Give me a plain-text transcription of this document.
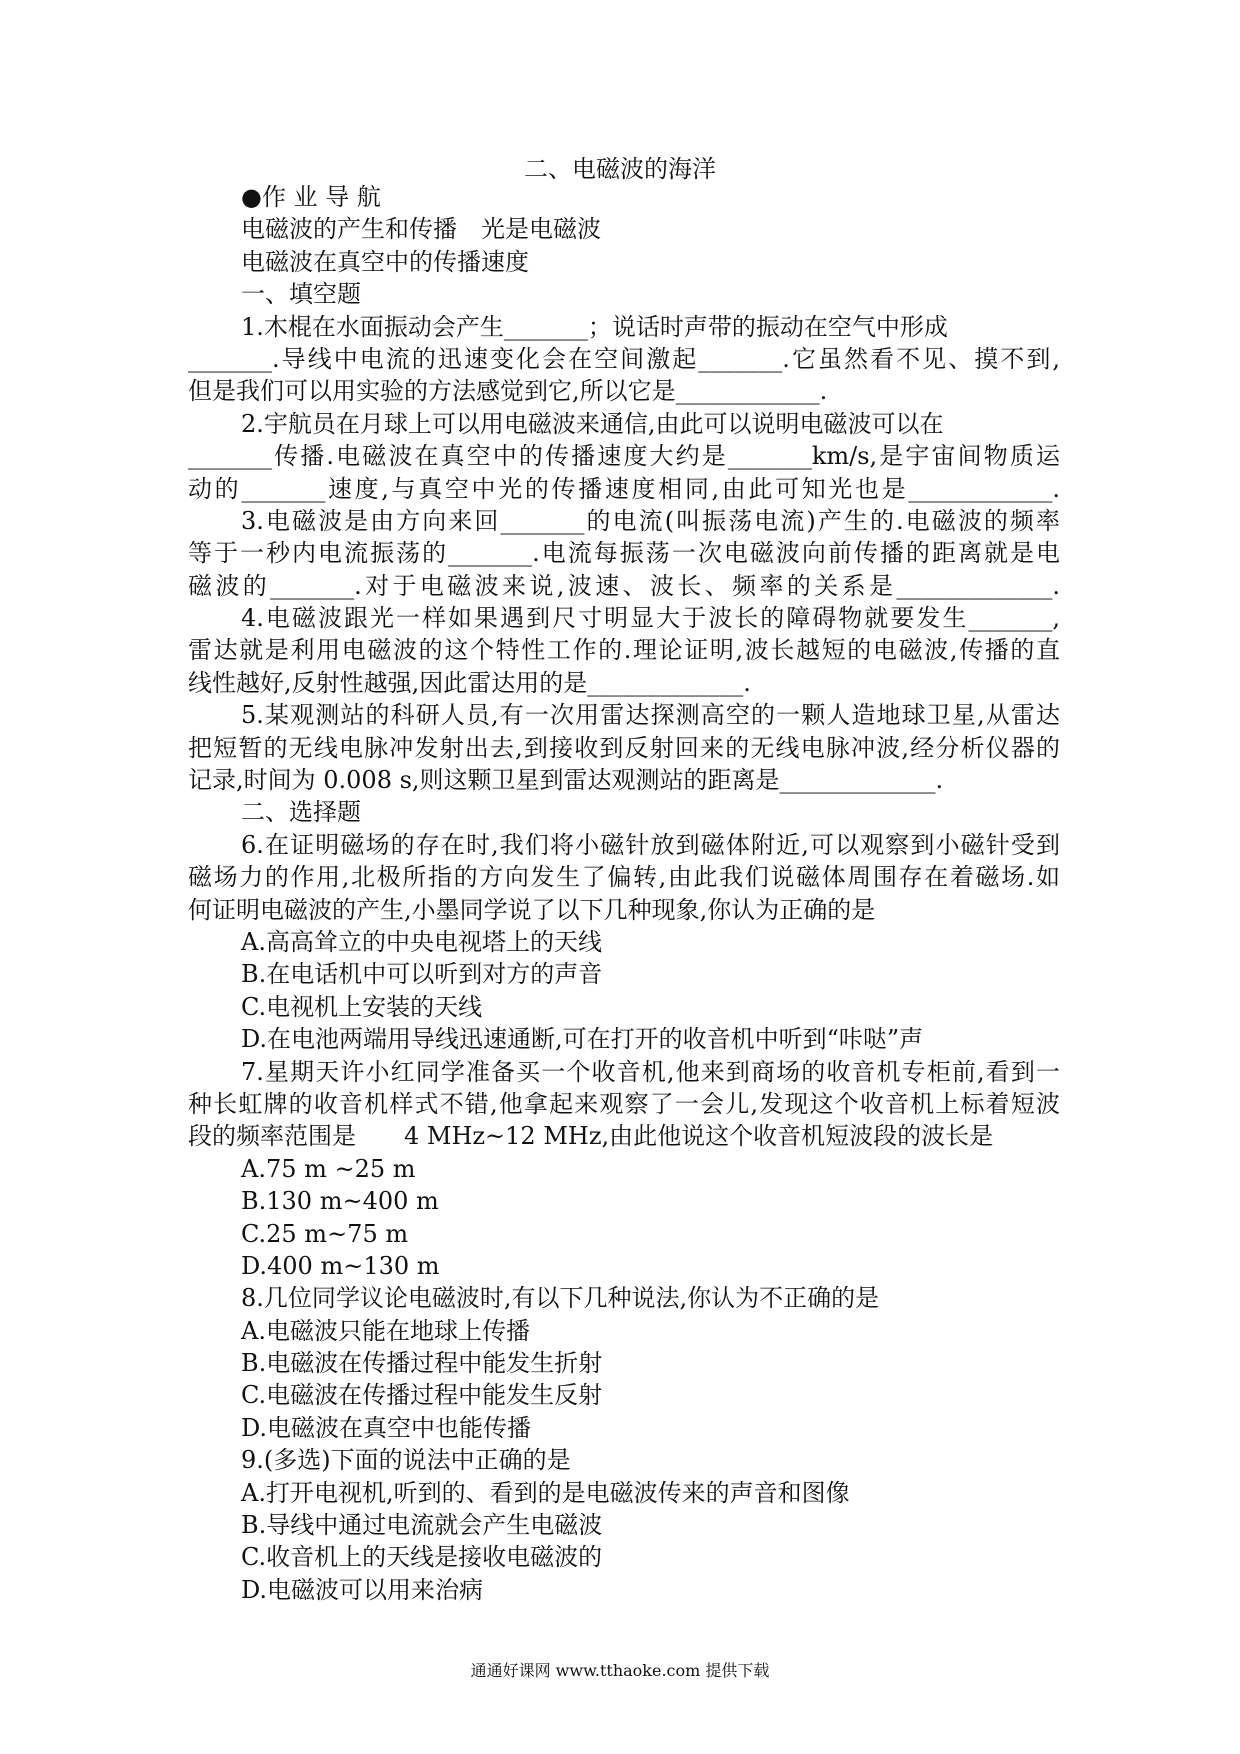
二、电磁波的海洋
●作 业 导 航
电磁波的产生和传播　光是电磁波
电磁波在真空中的传播速度
一、填空题
1.木棍在水面振动会产生_______；说话时声带的振动在空气中形成
_______.导线中电流的迅速变化会在空间激起_______.它虽然看不见、摸不到,
但是我们可以用实验的方法感觉到它,所以它是____________.
2.宇航员在月球上可以用电磁波来通信,由此可以说明电磁波可以在
_______传播.电磁波在真空中的传播速度大约是_______km/s,是宇宙间物质运
动的_______速度,与真空中光的传播速度相同,由此可知光也是____________.
3.电磁波是由方向来回_______的电流(叫振荡电流)产生的.电磁波的频率
等于一秒内电流振荡的_______.电流每振荡一次电磁波向前传播的距离就是电
磁波的_______.对于电磁波来说,波速、波长、频率的关系是_____________.
4.电磁波跟光一样如果遇到尺寸明显大于波长的障碍物就要发生_______,
雷达就是利用电磁波的这个特性工作的.理论证明,波长越短的电磁波,传播的直
线性越好,反射性越强,因此雷达用的是_____________.
5.某观测站的科研人员,有一次用雷达探测高空的一颗人造地球卫星,从雷达
把短暂的无线电脉冲发射出去,到接收到反射回来的无线电脉冲波,经分析仪器的
记录,时间为 0.008 s,则这颗卫星到雷达观测站的距离是_____________.
二、选择题
6.在证明磁场的存在时,我们将小磁针放到磁体附近,可以观察到小磁针受到
磁场力的作用,北极所指的方向发生了偏转,由此我们说磁体周围存在着磁场.如
何证明电磁波的产生,小墨同学说了以下几种现象,你认为正确的是
A.高高耸立的中央电视塔上的天线
B.在电话机中可以听到对方的声音
C.电视机上安装的天线
D.在电池两端用导线迅速通断,可在打开的收音机中听到“咔哒”声
7.星期天许小红同学准备买一个收音机,他来到商场的收音机专柜前,看到一
种长虹牌的收音机样式不错,他拿起来观察了一会儿,发现这个收音机上标着短波
段的频率范围是　　4 MHz~12 MHz,由此他说这个收音机短波段的波长是
A.75 m ~25 m
B.130 m~400 m
C.25 m~75 m
D.400 m~130 m
8.几位同学议论电磁波时,有以下几种说法,你认为不正确的是
A.电磁波只能在地球上传播
B.电磁波在传播过程中能发生折射
C.电磁波在传播过程中能发生反射
D.电磁波在真空中也能传播
9.(多选)下面的说法中正确的是
A.打开电视机,听到的、看到的是电磁波传来的声音和图像
B.导线中通过电流就会产生电磁波
C.收音机上的天线是接收电磁波的
D.电磁波可以用来治病
通通好课网 www.tthaoke.com 提供下载
